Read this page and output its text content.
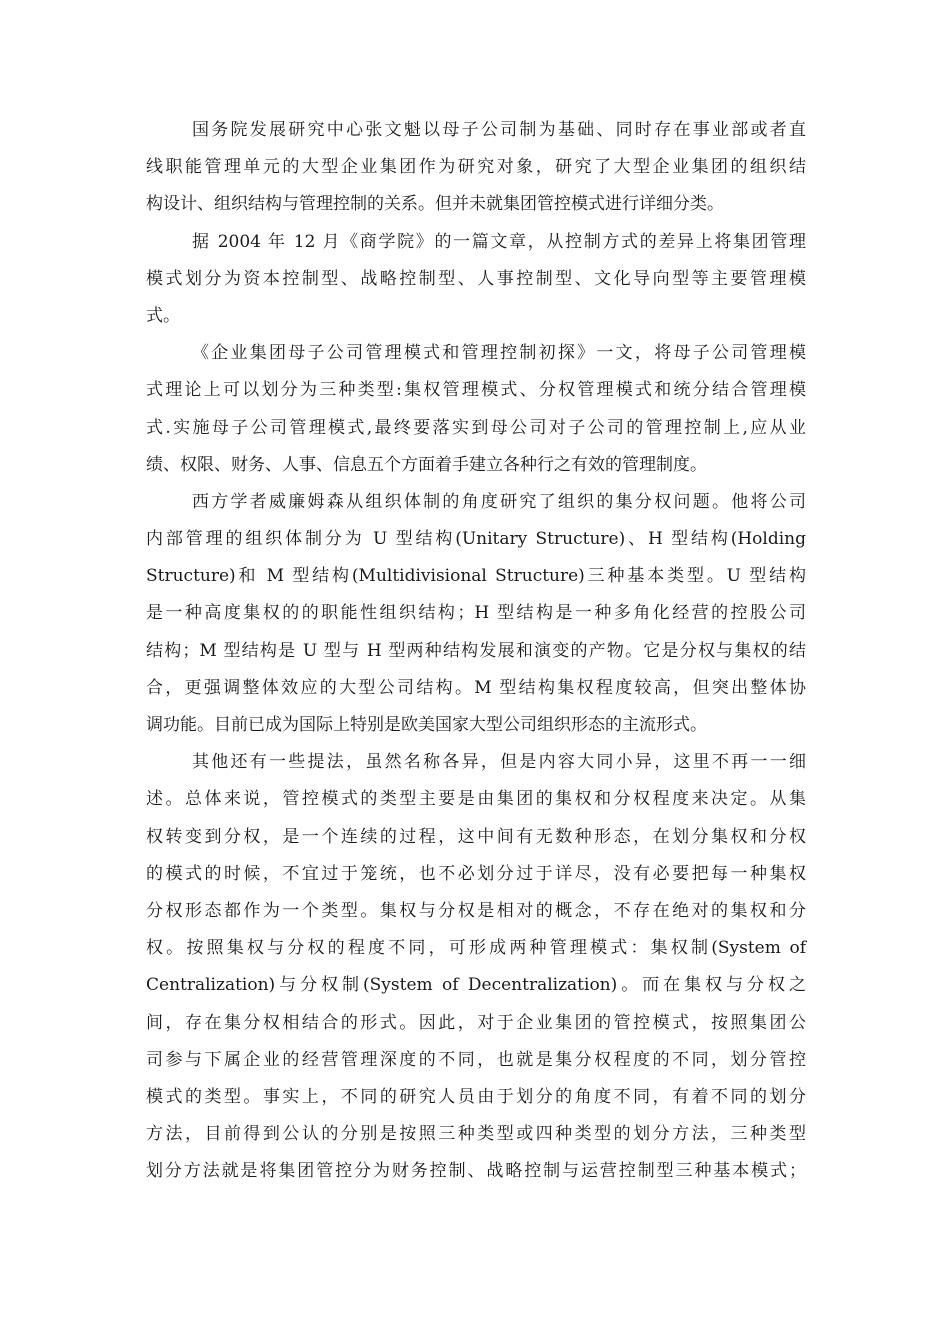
国务院发展研究中心张文魁以母子公司制为基础、同时存在事业部或者直
线职能管理单元的大型企业集团作为研究对象，研究了大型企业集团的组织结
构设计、组织结构与管理控制的关系。但并未就集团管控模式进行详细分类。
据 2004 年 12 月《商学院》的一篇文章，从控制方式的差异上将集团管理
模式划分为资本控制型、战略控制型、人事控制型、文化导向型等主要管理模
式。
《企业集团母子公司管理模式和管理控制初探》一文，将母子公司管理模
式理论上可以划分为三种类型:集权管理模式、分权管理模式和统分结合管理模
式.实施母子公司管理模式,最终要落实到母公司对子公司的管理控制上,应从业
绩、权限、财务、人事、信息五个方面着手建立各种行之有效的管理制度。
西方学者威廉姆森从组织体制的角度研究了组织的集分权问题。他将公司
内部管理的组织体制分为 U 型结构(Unitary Structure)、H 型结构(Holding
Structure)和 M 型结构(Multidivisional Structure)三种基本类型。U 型结构
是一种高度集权的的职能性组织结构；H 型结构是一种多角化经营的控股公司
结构；M 型结构是 U 型与 H 型两种结构发展和演变的产物。它是分权与集权的结
合，更强调整体效应的大型公司结构。M 型结构集权程度较高，但突出整体协
调功能。目前已成为国际上特别是欧美国家大型公司组织形态的主流形式。
其他还有一些提法，虽然名称各异，但是内容大同小异，这里不再一一细
述。总体来说，管控模式的类型主要是由集团的集权和分权程度来决定。从集
权转变到分权，是一个连续的过程，这中间有无数种形态，在划分集权和分权
的模式的时候，不宜过于笼统，也不必划分过于详尽，没有必要把每一种集权
分权形态都作为一个类型。集权与分权是相对的概念，不存在绝对的集权和分
权。按照集权与分权的程度不同，可形成两种管理模式：集权制(System of
Centralization)与分权制(System of Decentralization)。而在集权与分权之
间，存在集分权相结合的形式。因此，对于企业集团的管控模式，按照集团公
司参与下属企业的经营管理深度的不同，也就是集分权程度的不同，划分管控
模式的类型。事实上，不同的研究人员由于划分的角度不同，有着不同的划分
方法，目前得到公认的分别是按照三种类型或四种类型的划分方法，三种类型
划分方法就是将集团管控分为财务控制、战略控制与运营控制型三种基本模式；
